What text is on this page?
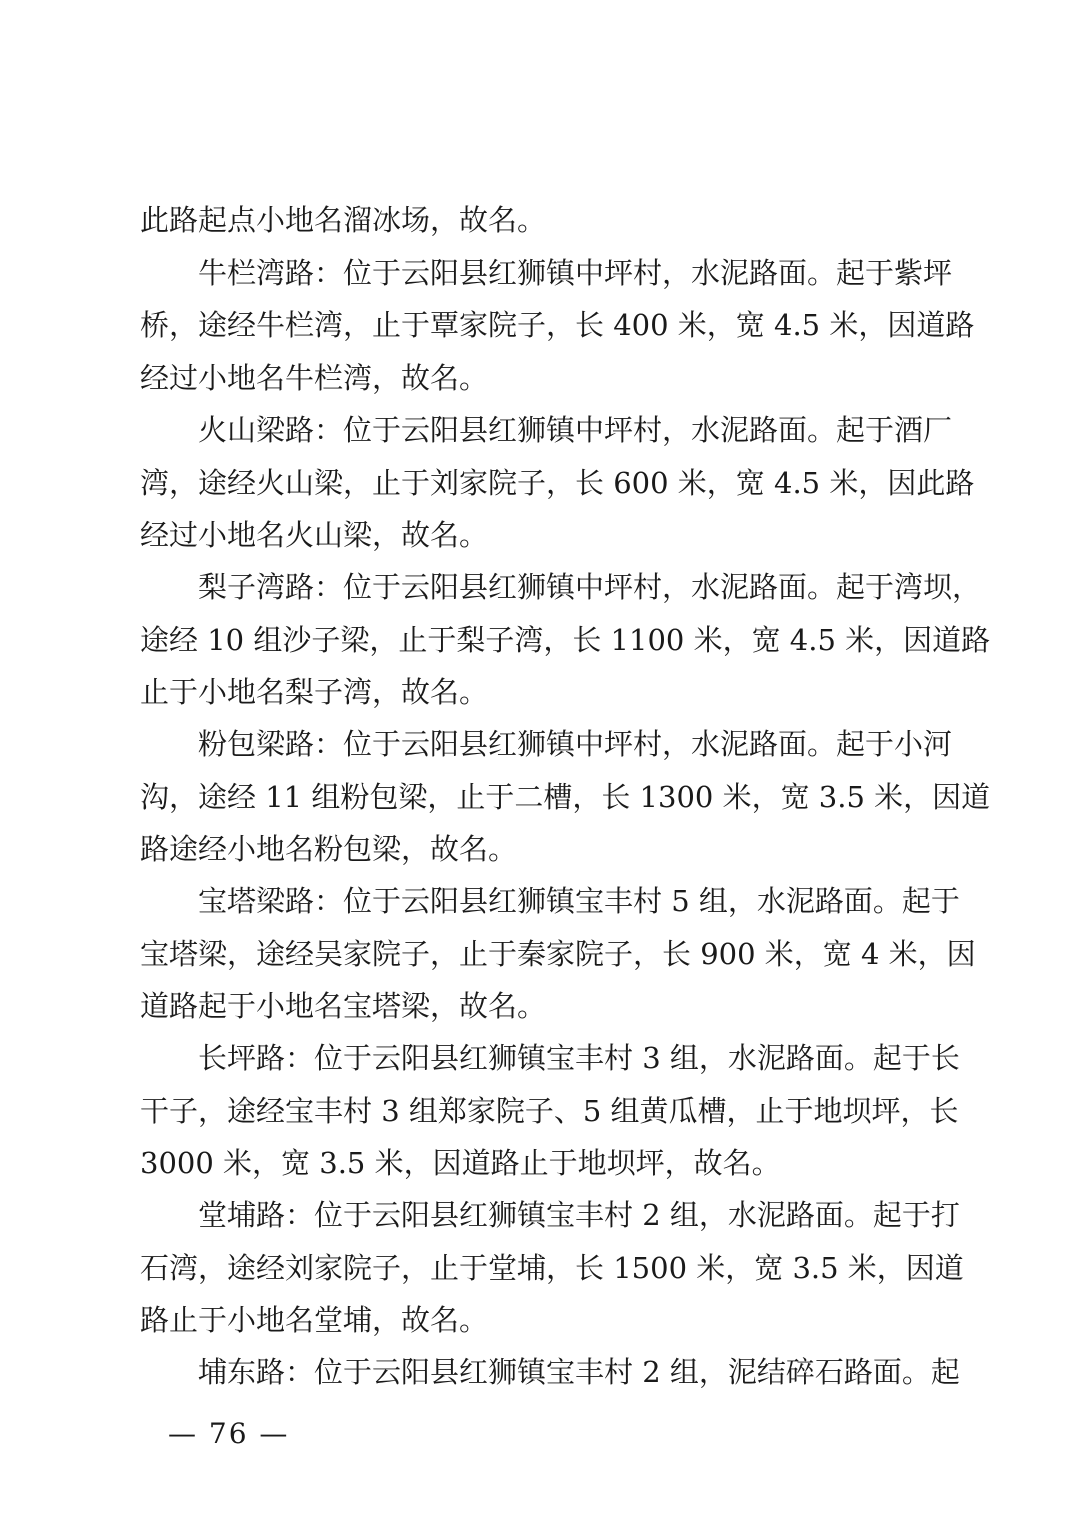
此路起点小地名溜冰场，故名。
牛栏湾路：位于云阳县红狮镇中坪村，水泥路面。起于紫坪
桥，途经牛栏湾，止于覃家院子，长 400 米，宽 4.5 米，因道路
经过小地名牛栏湾，故名。
火山梁路：位于云阳县红狮镇中坪村，水泥路面。起于酒厂
湾，途经火山梁，止于刘家院子，长 600 米，宽 4.5 米，因此路
经过小地名火山梁，故名。
梨子湾路：位于云阳县红狮镇中坪村，水泥路面。起于湾坝，
途经 10 组沙子梁，止于梨子湾，长 1100 米，宽 4.5 米，因道路
止于小地名梨子湾，故名。
粉包梁路：位于云阳县红狮镇中坪村，水泥路面。起于小河
沟，途经 11 组粉包梁，止于二槽，长 1300 米，宽 3.5 米，因道
路途经小地名粉包梁，故名。
宝塔梁路：位于云阳县红狮镇宝丰村 5 组，水泥路面。起于
宝塔梁，途经吴家院子，止于秦家院子，长 900 米，宽 4 米，因
道路起于小地名宝塔梁，故名。
长坪路：位于云阳县红狮镇宝丰村 3 组，水泥路面。起于长
干子，途经宝丰村 3 组郑家院子、5 组黄瓜槽，止于地坝坪，长
3000 米，宽 3.5 米，因道路止于地坝坪，故名。
堂埔路：位于云阳县红狮镇宝丰村 2 组，水泥路面。起于打
石湾，途经刘家院子，止于堂埔，长 1500 米，宽 3.5 米，因道
路止于小地名堂埔，故名。
埔东路：位于云阳县红狮镇宝丰村 2 组，泥结碎石路面。起
— 76 —
